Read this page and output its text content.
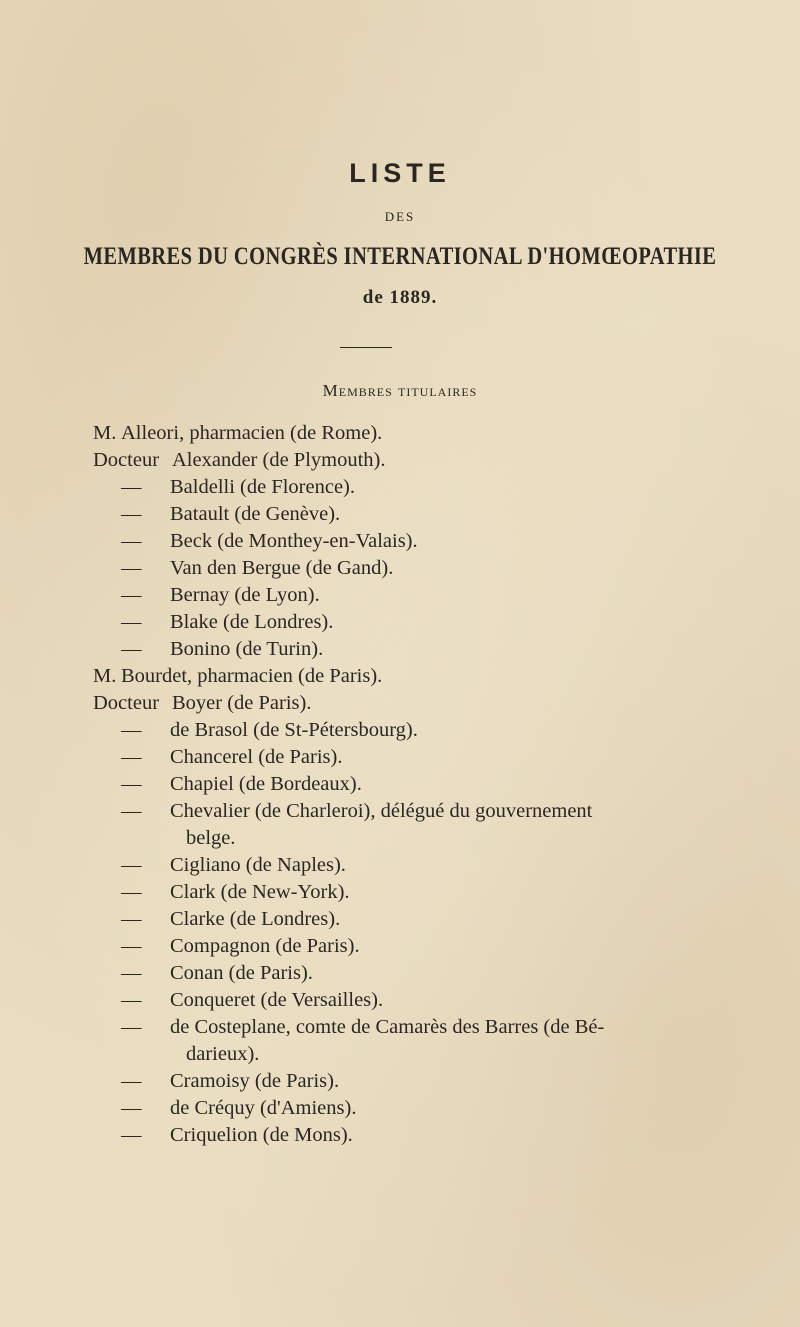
LISTE
DES
MEMBRES DU CONGRÈS INTERNATIONAL D'HOMŒOPATHIE
de 1889.
Membres titulaires
M. Alleori, pharmacien (de Rome).
Docteur Alexander (de Plymouth).
— Baldelli (de Florence).
— Batault (de Genève).
— Beck (de Monthey-en-Valais).
— Van den Bergue (de Gand).
— Bernay (de Lyon).
— Blake (de Londres).
— Bonino (de Turin).
M. Bourdet, pharmacien (de Paris).
Docteur Boyer (de Paris).
— de Brasol (de St-Pétersbourg).
— Chancerel (de Paris).
— Chapiel (de Bordeaux).
— Chevalier (de Charleroi), délégué du gouvernement
belge.
— Cigliano (de Naples).
— Clark (de New-York).
— Clarke (de Londres).
— Compagnon (de Paris).
— Conan (de Paris).
— Conqueret (de Versailles).
— de Costeplane, comte de Camarès des Barres (de Bé-
darieux).
— Cramoisy (de Paris).
— de Créquy (d'Amiens).
— Criquelion (de Mons).
